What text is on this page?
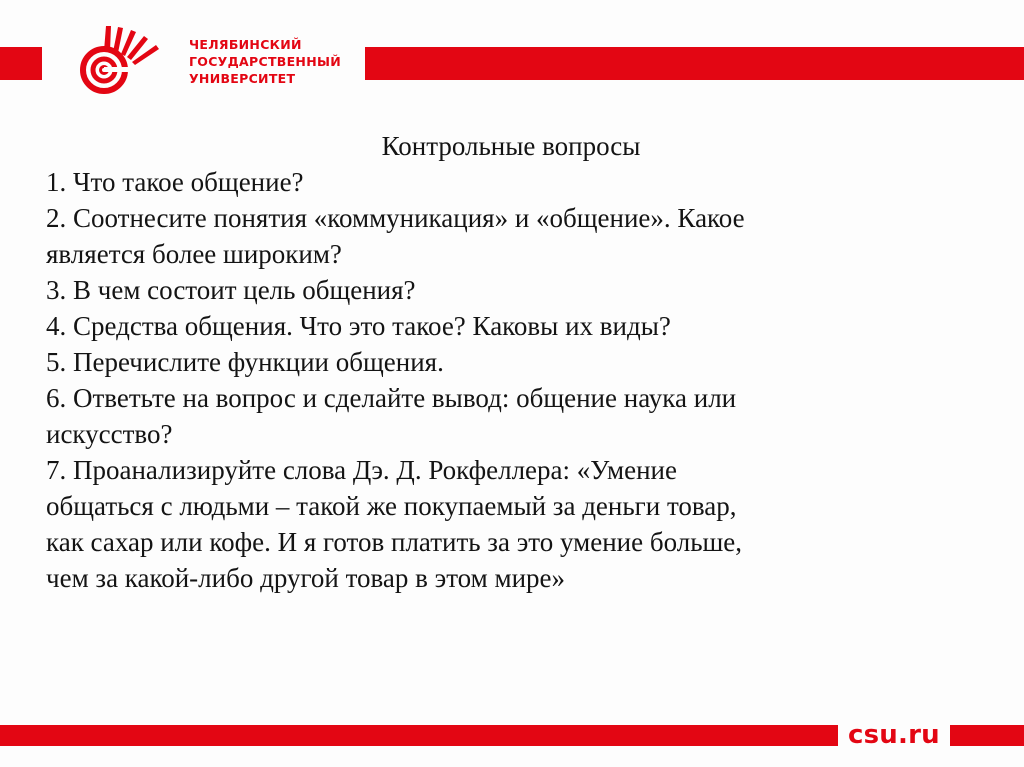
ЧЕЛЯБИНСКИЙ
ГОСУДАРСТВЕННЫЙ
УНИВЕРСИТЕТ
Контрольные вопросы
1. Что такое общение?
2. Соотнесите понятия «коммуникация» и «общение». Какое
является более широким?
3. В чем состоит цель общения?
4. Средства общения. Что это такое? Каковы их виды?
5. Перечислите функции общения.
6. Ответьте на вопрос и сделайте вывод: общение наука или
искусство?
7. Проанализируйте слова Дэ. Д. Рокфеллера: «Умение
общаться с людьми – такой же покупаемый за деньги товар,
как сахар или кофе. И я готов платить за это умение больше,
чем за какой-либо другой товар в этом мире»
csu.ru
